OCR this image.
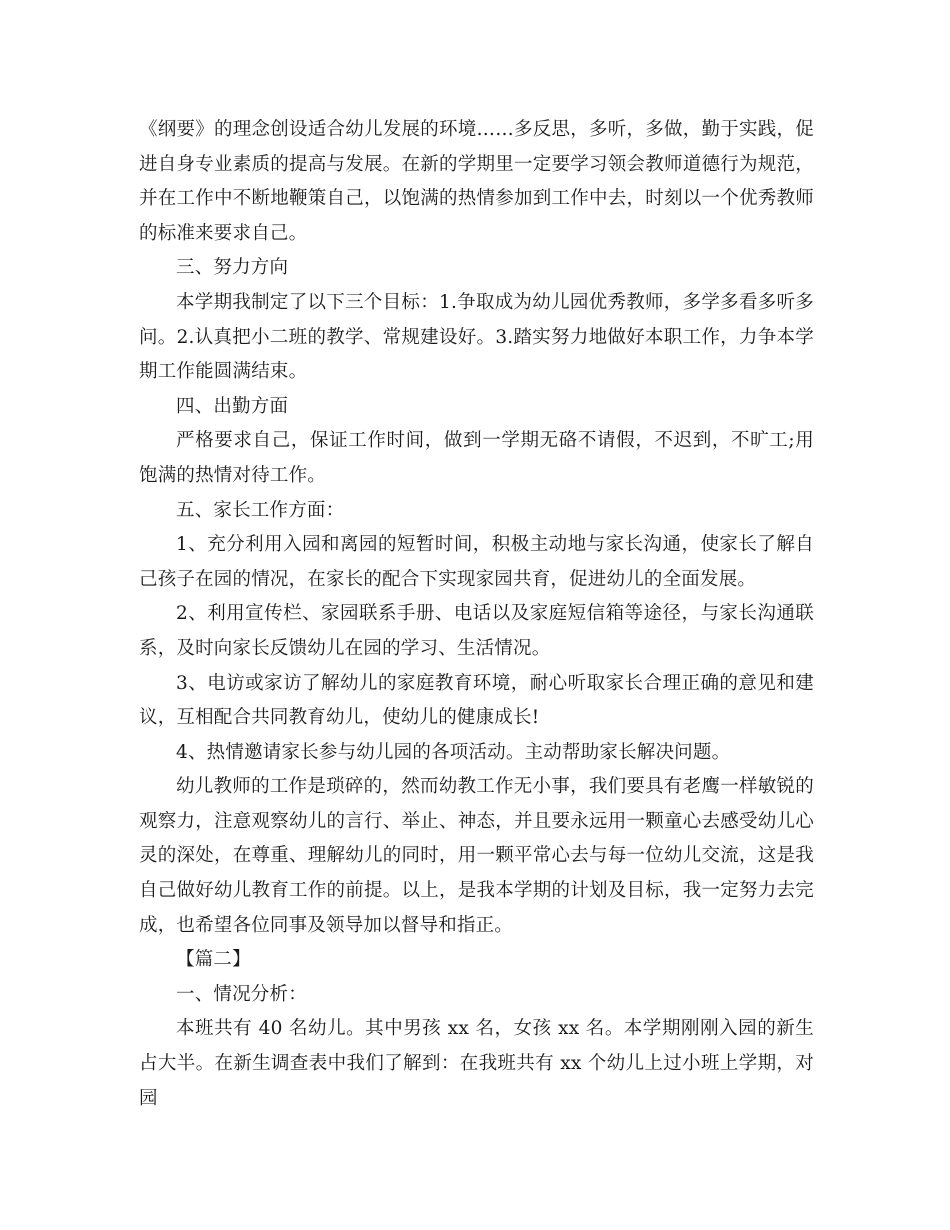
《纲要》的理念创设适合幼儿发展的环境……多反思，多听，多做，勤于实践，促进自身专业素质的提高与发展。在新的学期里一定要学习领会教师道德行为规范，并在工作中不断地鞭策自己，以饱满的热情参加到工作中去，时刻以一个优秀教师的标准来要求自己。

三、努力方向

本学期我制定了以下三个目标：1.争取成为幼儿园优秀教师，多学多看多听多问。2.认真把小二班的教学、常规建设好。3.踏实努力地做好本职工作，力争本学期工作能圆满结束。

四、出勤方面

严格要求自己，保证工作时间，做到一学期无硌不请假，不迟到，不旷工;用饱满的热情对待工作。

五、家长工作方面：

1、充分利用入园和离园的短暂时间，积极主动地与家长沟通，使家长了解自己孩子在园的情况，在家长的配合下实现家园共育，促进幼儿的全面发展。

2、利用宣传栏、家园联系手册、电话以及家庭短信箱等途径，与家长沟通联系，及时向家长反馈幼儿在园的学习、生活情况。

3、电访或家访了解幼儿的家庭教育环境，耐心听取家长合理正确的意见和建议，互相配合共同教育幼儿，使幼儿的健康成长!

4、热情邀请家长参与幼儿园的各项活动。主动帮助家长解决问题。

幼儿教师的工作是琐碎的，然而幼教工作无小事，我们要具有老鹰一样敏锐的观察力，注意观察幼儿的言行、举止、神态，并且要永远用一颗童心去感受幼儿心灵的深处，在尊重、理解幼儿的同时，用一颗平常心去与每一位幼儿交流，这是我自己做好幼儿教育工作的前提。以上，是我本学期的计划及目标，我一定努力去完成，也希望各位同事及领导加以督导和指正。

【篇二】

一、情况分析：

本班共有 40 名幼儿。其中男孩 xx 名，女孩 xx 名。本学期刚刚入园的新生占大半。在新生调查表中我们了解到：在我班共有 xx 个幼儿上过小班上学期，对园
